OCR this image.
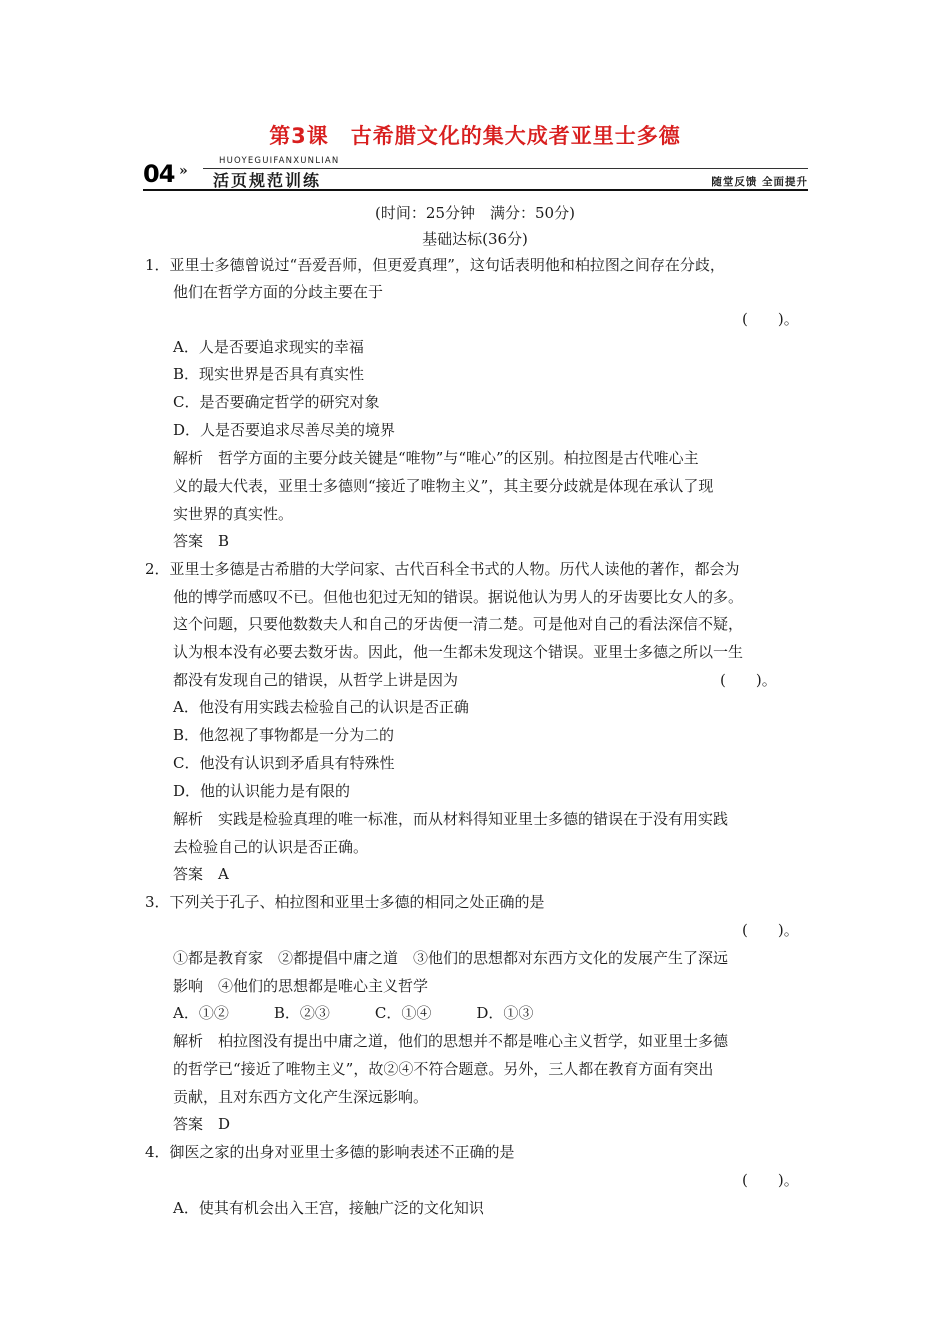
第3课　古希腊文化的集大成者亚里士多德
04 »
HUOYEGUIFANXUNLIAN
活页规范训练	随堂反馈 全面提升
(时间：25分钟　满分：50分)
基础达标(36分)
1．亚里士多德曾说过“吾爱吾师，但更爱真理”，这句话表明他和柏拉图之间存在分歧，
他们在哲学方面的分歧主要在于
(　　)。
A．人是否要追求现实的幸福
B．现实世界是否具有真实性
C．是否要确定哲学的研究对象
D．人是否要追求尽善尽美的境界
解析　哲学方面的主要分歧关键是“唯物”与“唯心”的区别。柏拉图是古代唯心主
义的最大代表，亚里士多德则“接近了唯物主义”，其主要分歧就是体现在承认了现
实世界的真实性。
答案　B
2．亚里士多德是古希腊的大学问家、古代百科全书式的人物。历代人读他的著作，都会为
他的博学而感叹不已。但他也犯过无知的错误。据说他认为男人的牙齿要比女人的多。
这个问题，只要他数数夫人和自己的牙齿便一清二楚。可是他对自己的看法深信不疑，
认为根本没有必要去数牙齿。因此，他一生都未发现这个错误。亚里士多德之所以一生
都没有发现自己的错误，从哲学上讲是因为	(　　)。
A．他没有用实践去检验自己的认识是否正确
B．他忽视了事物都是一分为二的
C．他没有认识到矛盾具有特殊性
D．他的认识能力是有限的
解析　实践是检验真理的唯一标准，而从材料得知亚里士多德的错误在于没有用实践
去检验自己的认识是否正确。
答案　A
3．下列关于孔子、柏拉图和亚里士多德的相同之处正确的是
(　　)。
①都是教育家　②都提倡中庸之道　③他们的思想都对东西方文化的发展产生了深远
影响　④他们的思想都是唯心主义哲学
A．①②　　　B．②③　　　C．①④　　　D．①③
解析　柏拉图没有提出中庸之道，他们的思想并不都是唯心主义哲学，如亚里士多德
的哲学已“接近了唯物主义”，故②④不符合题意。另外，三人都在教育方面有突出
贡献，且对东西方文化产生深远影响。
答案　D
4．御医之家的出身对亚里士多德的影响表述不正确的是
(　　)。
A．使其有机会出入王宫，接触广泛的文化知识
